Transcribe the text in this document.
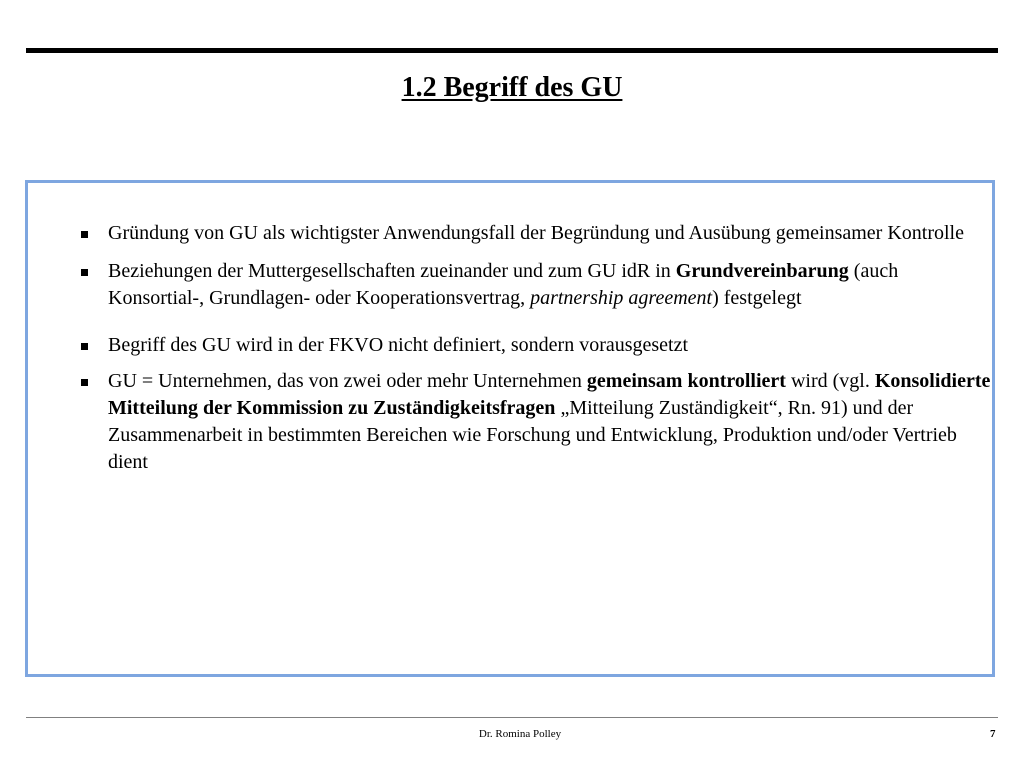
1.2 Begriff des GU
Gründung von GU als wichtigster Anwendungsfall der Begründung und Ausübung gemeinsamer Kontrolle
Beziehungen der Muttergesellschaften zueinander und zum GU idR in Grundvereinbarung (auch Konsortial-, Grundlagen- oder Kooperationsvertrag, partnership agreement) festgelegt
Begriff des GU wird in der FKVO nicht definiert, sondern vorausgesetzt
GU = Unternehmen, das von zwei oder mehr Unternehmen gemeinsam kontrolliert wird (vgl. Konsolidierte Mitteilung der Kommission zu Zuständigkeitsfragen „Mitteilung Zuständigkeit“, Rn. 91) und der Zusammenarbeit in bestimmten Bereichen wie Forschung und Entwicklung, Produktion und/oder Vertrieb dient
Dr. Romina Polley	7
